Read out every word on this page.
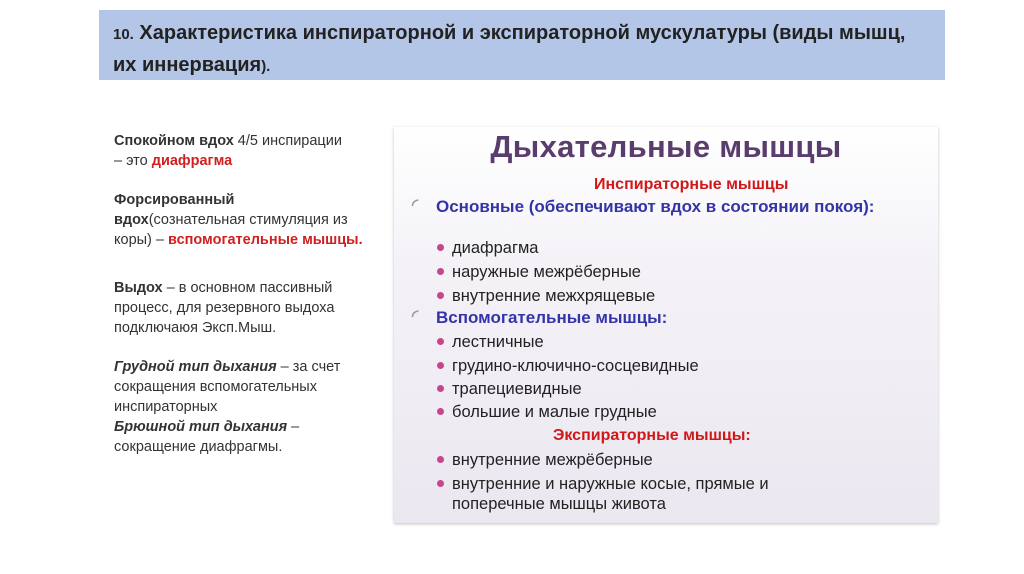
10. Характеристика инспираторной и экспираторной мускулатуры (виды мышц, их иннервация).

Спокойном вдох 4/5 инспирации
– это диафрагма

Форсированный
вдох(сознательная стимуляция из коры) – вспомогательные мышцы.

Выдох – в основном пассивный процесс, для резервного выдоха подключаюя Эксп.Мыш.

Грудной тип дыхания – за счет сокращения вспомогательных инспираторных

Брюшной тип дыхания – сокращение диафрагмы.

Дыхательные мышцы
Инспираторные мышцы
◜ Основные (обеспечивают вдох в состоянии покоя):
диафрагма
наружные межрёберные
внутренние межхрящевые
◜ Вспомогательные мышцы:
лестничные
грудино-ключично-сосцевидные
трапециевидные
большие и малые грудные
Экспираторные мышцы:
внутренние межрёберные
внутренние и наружные косые, прямые и поперечные мышцы живота
